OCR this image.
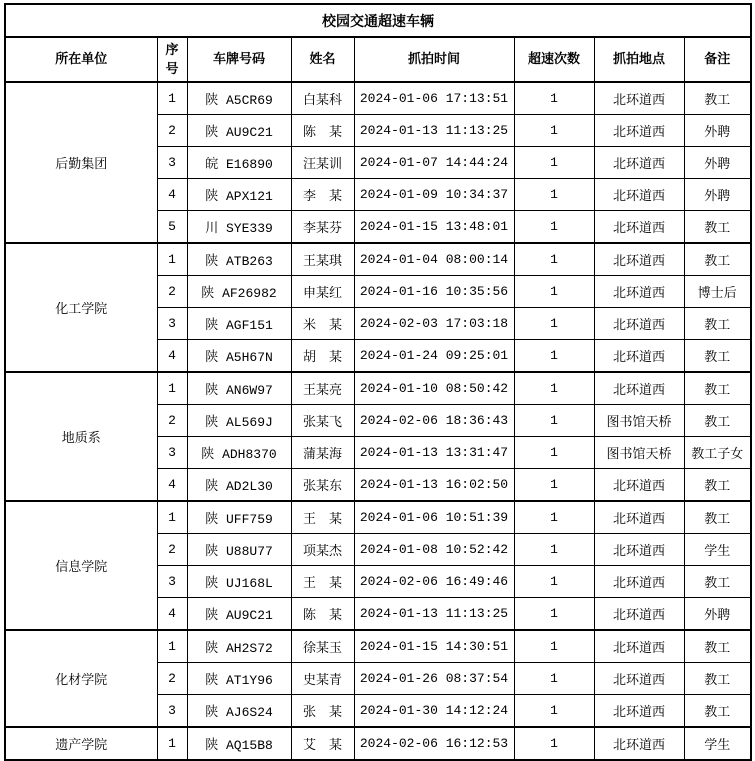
校园交通超速车辆							
所在单位	序号	车牌号码	姓名	抓拍时间	超速次数	抓拍地点	备注
后勤集团	1	陕 A5CR69	白某科	2024-01-06 17:13:51	1	北环道西	教工
	2	陕 AU9C21	陈　某	2024-01-13 11:13:25	1	北环道西	外聘
	3	皖 E16890	汪某训	2024-01-07 14:44:24	1	北环道西	外聘
	4	陕 APX121	李　某	2024-01-09 10:34:37	1	北环道西	外聘
	5	川 SYE339	李某芬	2024-01-15 13:48:01	1	北环道西	教工
化工学院	1	陕 ATB263	王某琪	2024-01-04 08:00:14	1	北环道西	教工
	2	陕 AF26982	申某红	2024-01-16 10:35:56	1	北环道西	博士后
	3	陕 AGF151	米　某	2024-02-03 17:03:18	1	北环道西	教工
	4	陕 A5H67N	胡　某	2024-01-24 09:25:01	1	北环道西	教工
地质系	1	陕 AN6W97	王某亮	2024-01-10 08:50:42	1	北环道西	教工
	2	陕 AL569J	张某飞	2024-02-06 18:36:43	1	图书馆天桥	教工
	3	陕 ADH8370	蒲某海	2024-01-13 13:31:47	1	图书馆天桥	教工子女
	4	陕 AD2L30	张某东	2024-01-13 16:02:50	1	北环道西	教工
信息学院	1	陕 UFF759	王　某	2024-01-06 10:51:39	1	北环道西	教工
	2	陕 U88U77	项某杰	2024-01-08 10:52:42	1	北环道西	学生
	3	陕 UJ168L	王　某	2024-02-06 16:49:46	1	北环道西	教工
	4	陕 AU9C21	陈　某	2024-01-13 11:13:25	1	北环道西	外聘
化材学院	1	陕 AH2S72	徐某玉	2024-01-15 14:30:51	1	北环道西	教工
	2	陕 AT1Y96	史某青	2024-01-26 08:37:54	1	北环道西	教工
	3	陕 AJ6S24	张　某	2024-01-30 14:12:24	1	北环道西	教工
遗产学院	1	陕 AQ15B8	艾　某	2024-02-06 16:12:53	1	北环道西	学生
